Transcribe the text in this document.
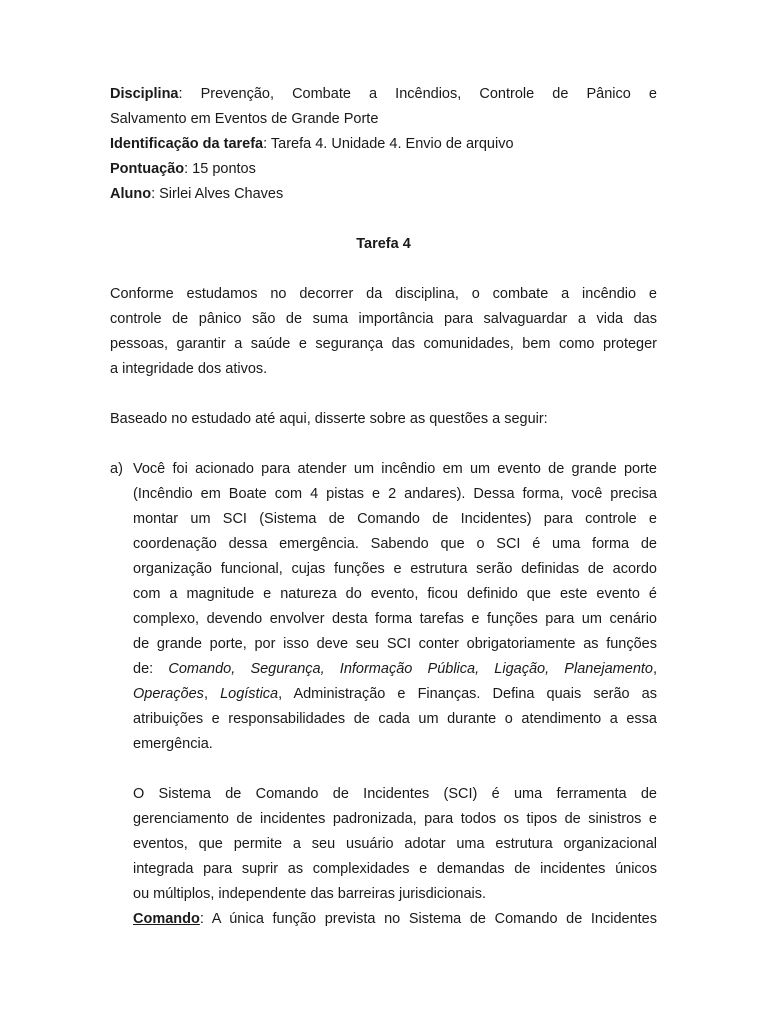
Disciplina: Prevenção, Combate a Incêndios, Controle de Pânico e
Salvamento em Eventos de Grande Porte
Identificação da tarefa: Tarefa 4. Unidade 4. Envio de arquivo
Pontuação: 15 pontos
Aluno: Sirlei Alves Chaves
Tarefa 4
Conforme estudamos no decorrer da disciplina, o combate a incêndio e
controle de pânico são de suma importância para salvaguardar a vida das
pessoas, garantir a saúde e segurança das comunidades, bem como proteger
a integridade dos ativos.
Baseado no estudado até aqui, disserte sobre as questões a seguir:
a) Você foi acionado para atender um incêndio em um evento de grande porte
(Incêndio em Boate com 4 pistas e 2 andares). Dessa forma, você precisa
montar um SCI (Sistema de Comando de Incidentes) para controle e
coordenação dessa emergência. Sabendo que o SCI é uma forma de
organização funcional, cujas funções e estrutura serão definidas de acordo
com a magnitude e natureza do evento, ficou definido que este evento é
complexo, devendo envolver desta forma tarefas e funções para um cenário
de grande porte, por isso deve seu SCI conter obrigatoriamente as funções
de: Comando, Segurança, Informação Pública, Ligação, Planejamento,
Operações, Logística, Administração e Finanças. Defina quais serão as
atribuições e responsabilidades de cada um durante o atendimento a essa
emergência.
O Sistema de Comando de Incidentes (SCI) é uma ferramenta de
gerenciamento de incidentes padronizada, para todos os tipos de sinistros e
eventos, que permite a seu usuário adotar uma estrutura organizacional
integrada para suprir as complexidades e demandas de incidentes únicos
ou múltiplos, independente das barreiras jurisdicionais.
Comando: A única função prevista no Sistema de Comando de Incidentes
